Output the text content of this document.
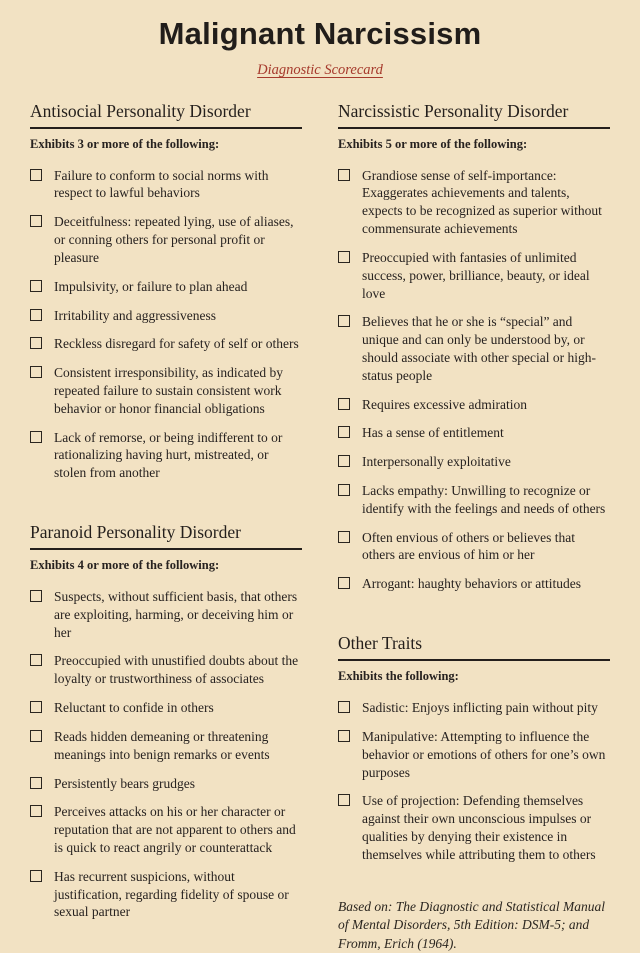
Malignant Narcissism
Diagnostic Scorecard
Antisocial Personality Disorder

Exhibits 3 or more of the following:

Failure to conform to social norms with respect to lawful behaviors
Deceitfulness: repeated lying, use of aliases, or conning others for personal profit or pleasure
Impulsivity, or failure to plan ahead
Irritability and aggressiveness
Reckless disregard for safety of self or others
Consistent irresponsibility, as indicated by repeated failure to sustain consistent work behavior or honor financial obligations
Lack of remorse, or being indifferent to or rationalizing having hurt, mistreated, or stolen from another
Paranoid Personality Disorder

Exhibits 4 or more of the following:

Suspects, without sufficient basis, that others are exploiting, harming, or deceiving him or her
Preoccupied with unustified doubts about the loyalty or trustworthiness of associates
Reluctant to confide in others
Reads hidden demeaning or threatening meanings into benign remarks or events
Persistently bears grudges
Perceives attacks on his or her character or reputation that are not apparent to others and is quick to react angrily or counterattack
Has recurrent suspicions, without justification, regarding fidelity of spouse or sexual partner
Narcissistic Personality Disorder

Exhibits 5 or more of the following:

Grandiose sense of self-importance: Exaggerates achievements and talents, expects to be recognized as superior without commensurate achievements
Preoccupied with fantasies of unlimited success, power, brilliance, beauty, or ideal love
Believes that he or she is “special” and unique and can only be understood by, or should associate with other special or high-status people
Requires excessive admiration
Has a sense of entitlement
Interpersonally exploitative
Lacks empathy: Unwilling to recognize or identify with the feelings and needs of others
Often envious of others or believes that others are envious of him or her
Arrogant: haughty behaviors or attitudes
Other Traits

Exhibits the following:

Sadistic: Enjoys inflicting pain without pity
Manipulative: Attempting to influence the behavior or emotions of others for one’s own purposes
Use of projection: Defending themselves against their own unconscious impulses or qualities by denying their existence in themselves while attributing them to others

Based on: The Diagnostic and Statistical Manual of Mental Disorders, 5th Edition: DSM-5; and Fromm, Erich (1964).
